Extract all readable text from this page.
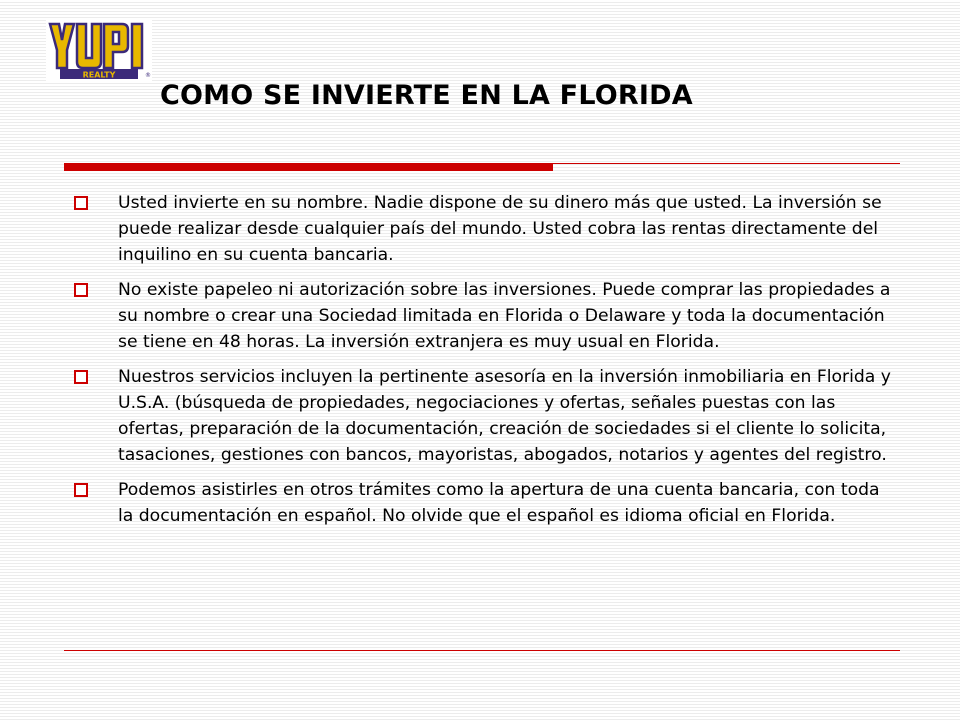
REALTY	®
COMO SE INVIERTE EN LA FLORIDA
Usted invierte en su nombre. Nadie dispone de su dinero más que usted. La inversión se puede realizar desde cualquier país del mundo. Usted cobra las rentas directamente del inquilino en su cuenta bancaria.
No existe papeleo ni autorización sobre las inversiones. Puede comprar las propiedades a su nombre o crear una Sociedad limitada en Florida o Delaware y toda la documentación se tiene en 48 horas. La inversión extranjera es muy usual en Florida.
Nuestros servicios incluyen la pertinente asesoría en la inversión inmobiliaria en Florida y U.S.A. (búsqueda de propiedades, negociaciones y ofertas, señales puestas con las ofertas, preparación de la documentación, creación de sociedades si el cliente lo solicita, tasaciones, gestiones con bancos, mayoristas, abogados, notarios y agentes del registro.
Podemos asistirles en otros trámites como la apertura de una cuenta bancaria, con toda la documentación en español. No olvide que el español es idioma oficial en Florida.
